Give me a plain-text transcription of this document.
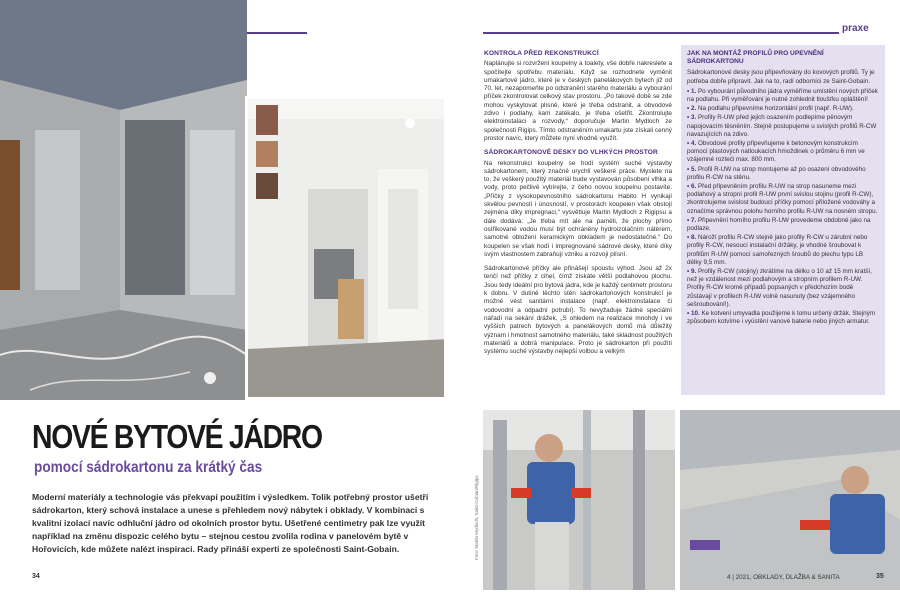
praxe
KONTROLA PŘED REKONSTRUKCÍ

Naplánujte si rozvržení koupelny a toalety, vše dobře nakreslete a spočítejte spotřebu materiálu. Když se rozhodnete vyměnit umakartové jádro, které je v českých panelákových bytech již od 70. let, nezapomeňte po odstranění starého materiálu a vybourání příček zkontrolovat celkový stav prostoru. „Po takové době se zde mohou vyskytovat plísně, které je třeba odstranit, a obvodové zdivo i podlahy, kam zatékalo, je třeba ošetřit. Zkontrolujte elektroinstalaci a rozvody,“ doporučuje Martin Mydloch ze společnosti Rigips. Tímto odstraněním umakartu jste získali cenný prostor navíc, který můžete nyní vhodně využít.

SÁDROKARTONOVÉ DESKY DO VLHKÝCH PROSTOR

Na rekonstrukci koupelny se hodí systém suché výstavby sádrokartonem, který značně urychlí veškeré práce. Myslete na to, že veškerý použitý materiál bude vystavován působení vlhka a vody, proto pečlivě vybírejte, z čeho novou koupelnu postavíte. „Příčky z vysokopevnostního sádrokartonu Habito H vynikají skvělou pevností i únosností, v prostorách koupelen však obstojí zejména díky impregnaci,“ vysvětluje Martin Mydloch z Rigipsu a dále dodává: „Je třeba mít ale na paměti, že plochy přímo ostřikované vodou musí být ochráněny hydroizolačním nátěrem, samotné obložení keramickým obkladem je nedostatečné.“ Do koupelen se však hodí i impregnované sádrové desky, které díky svým vlastnostem zabraňují vzniku a rozvoji plísní.

Sádrokartonové příčky ale přinášejí spoustu výhod. Jsou až 2x tenčí než příčky z cihel, čímž získáte větší podlahovou plochu. Jsou tedy ideální pro bytová jádra, kde je každý centimetr prostoru k dobru. V dutině těchto stěn sádrokartonových konstrukcí je možné vést sanitární instalace (např. elektroinstalace či vodovodní a odpadní potrubí). To nevyžaduje žádné speciální nářadí na sekání drážek. „S ohledem na realizace mnohdy i ve vyšších patrech bytových a panelákových domů má důležitý význam i hmotnost samotného materiálu, také skladnost použitých materiálů a dobrá manipulace. Proto je sádrokarton při použití systému suché výstavby nejlepší volbou a velkým

JAK NA MONTÁŽ PROFILŮ PRO UPEVNĚNÍ SÁDROKARTONU
Sádrokartonové desky jsou připevňovány do kovových profilů. Ty je potřeba dobře připravit. Jak na to, radí odborníci ze Saint-Gobain.
• 1. Po vybourání původního jádra vyměříme umístění nových příček na podlahu. Při vyměřování je nutné zohlednit tloušťku opláštění!
• 2. Na podlahu připevníme horizontální profil (např. R-UW).
• 3. Profily R-UW před jejich osazením podlepíme pěnovým napojovacím těsněním. Stejně postupujeme u svislých profilů R-CW navazujících na zdivo.
• 4. Obvodové profily připevňujeme k betonovým konstrukcím pomocí plastových natloukacích hmoždinek o průměru 6 mm ve vzájemné rozteči max. 800 mm.
• 5. Profil R-UW na strop montujeme až po osazení obvodového profilu R-CW na stěnu.
• 6. Před připevněním profilu R-UW na strop nasuneme mezi podlahový a stropní profil R-UW první svislou stojinu (profil R-CW), zkontrolujeme svislost budoucí příčky pomocí přiložené vodováhy a označíme správnou polohu horního profilu R-UW na nosném stropu.
• 7. Připevnění horního profilu R-UW provedeme obdobně jako na podlaze.
• 8. Nároží profilu R-CW stejně jako profily R-CW u zárubní nebo profily R-CW, nesoucí instalační držáky, je vhodné šroubovat k profilům R-UW pomocí samořezných šroubů do plechu typu LB délky 9,5 mm.
• 9. Profily R-CW (stojiny) zkrátíme na délku o 10 až 15 mm kratší, než je vzdálenost mezi podlahovým a stropním profilem R-UW. Profily R-CW kromě případů popsaných v předchozím bodě zůstávají v profilech R-UW volně nasunuty (bez vzájemného sešroubování!).
• 10. Ke kotvení umyvadla použijeme k tomu určený držák. Stejným způsobem kotvíme i vyústění vanové baterie nebo jiných armatur.
NOVÉ BYTOVÉ JÁDRO
pomocí sádrokartonu za krátký čas
Moderní materiály a technologie vás překvapí použitím i výsledkem. Tolik potřebný prostor ušetří sádrokarton, který schová instalace a unese s přehledem nový nábytek i obklady. V kombinaci s kvalitní izolací navíc odhluční jádro od okolních prostor bytu. Ušetřené centimetry pak lze využít například na změnu dispozic celého bytu – stejnou cestou zvolila rodina v panelovém bytě v Hořovicích, kde můžete nalézt inspiraci. Rady přináší experti ze společnosti Saint-Gobain.	Foto: Martin Mydloch, Saint-Gobain/Rigips
34	4 | 2021, OBKLADY, DLAŽBA & SANITA	35
